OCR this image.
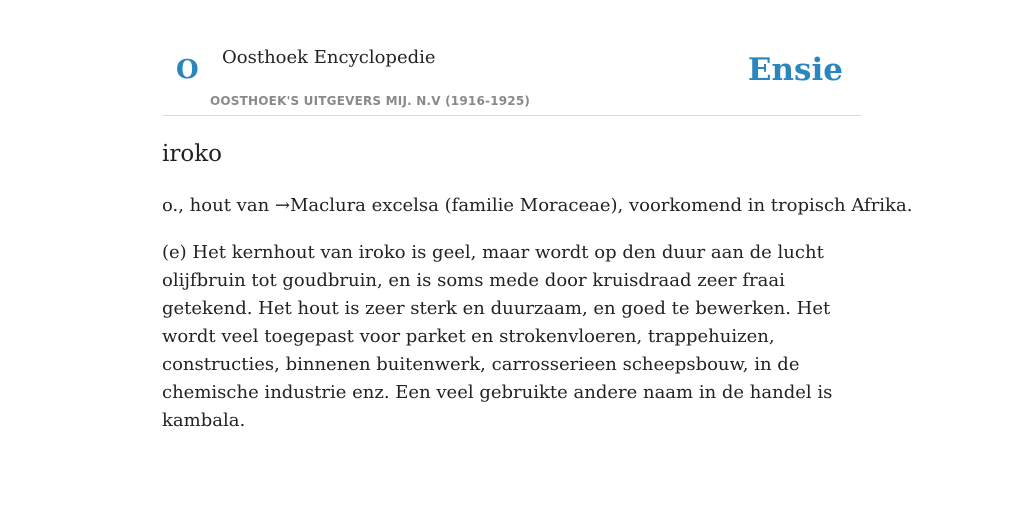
O Oosthoek Encyclopedie
OOSTHOEK'S UITGEVERS MIJ. N.V (1916-1925)
Ensie
iroko

o., hout van →Maclura excelsa (familie Moraceae), voorkomend in tropisch Afrika.

(e) Het kernhout van iroko is geel, maar wordt op den duur aan de lucht olijfbruin tot goudbruin, en is soms mede door kruisdraad zeer fraai getekend. Het hout is zeer sterk en duurzaam, en goed te bewerken. Het wordt veel toegepast voor parket en strokenvloeren, trappehuizen, constructies, binnenen buitenwerk, carrosserieen scheepsbouw, in de chemische industrie enz. Een veel gebruikte andere naam in de handel is kambala.
